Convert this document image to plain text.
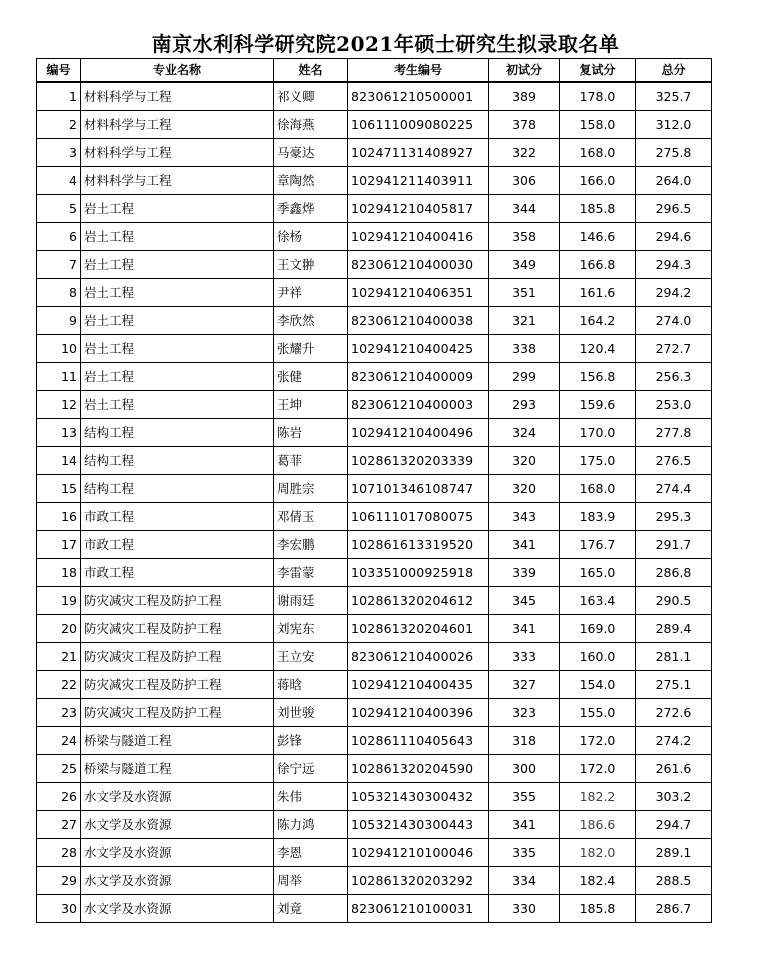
南京水利科学研究院2021年硕士研究生拟录取名单
编号	专业名称	姓名	考生编号	初试分	复试分	总分
1	材料科学与工程	祁义卿	823061210500001	389	178.0	325.7
2	材料科学与工程	徐海燕	106111009080225	378	158.0	312.0
3	材料科学与工程	马豪达	102471131408927	322	168.0	275.8
4	材料科学与工程	章陶然	102941211403911	306	166.0	264.0
5	岩土工程	季鑫烨	102941210405817	344	185.8	296.5
6	岩土工程	徐杨	102941210400416	358	146.6	294.6
7	岩土工程	王文翀	823061210400030	349	166.8	294.3
8	岩土工程	尹祥	102941210406351	351	161.6	294.2
9	岩土工程	李欣然	823061210400038	321	164.2	274.0
10	岩土工程	张耀升	102941210400425	338	120.4	272.7
11	岩土工程	张健	823061210400009	299	156.8	256.3
12	岩土工程	王坤	823061210400003	293	159.6	253.0
13	结构工程	陈岩	102941210400496	324	170.0	277.8
14	结构工程	葛菲	102861320203339	320	175.0	276.5
15	结构工程	周胜宗	107101346108747	320	168.0	274.4
16	市政工程	邓倩玉	106111017080075	343	183.9	295.3
17	市政工程	李宏鹏	102861613319520	341	176.7	291.7
18	市政工程	李雷蒙	103351000925918	339	165.0	286.8
19	防灾减灾工程及防护工程	谢雨廷	102861320204612	345	163.4	290.5
20	防灾减灾工程及防护工程	刘宪东	102861320204601	341	169.0	289.4
21	防灾减灾工程及防护工程	王立安	823061210400026	333	160.0	281.1
22	防灾减灾工程及防护工程	蒋晗	102941210400435	327	154.0	275.1
23	防灾减灾工程及防护工程	刘世骏	102941210400396	323	155.0	272.6
24	桥梁与隧道工程	彭锋	102861110405643	318	172.0	274.2
25	桥梁与隧道工程	徐宁远	102861320204590	300	172.0	261.6
26	水文学及水资源	朱伟	105321430300432	355	182.2	303.2
27	水文学及水资源	陈力鸿	105321430300443	341	186.6	294.7
28	水文学及水资源	李恩	102941210100046	335	182.0	289.1
29	水文学及水资源	周举	102861320203292	334	182.4	288.5
30	水文学及水资源	刘竟	823061210100031	330	185.8	286.7
